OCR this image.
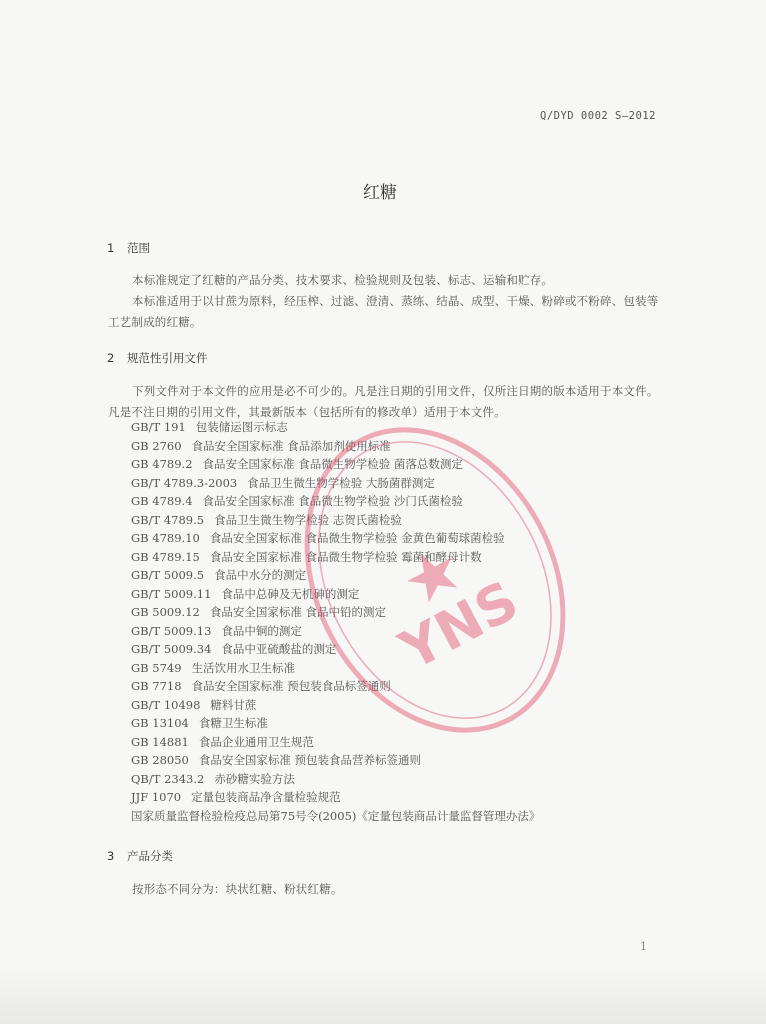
Q/DYD 0002 S—2012
红糖
1 范围
本标准规定了红糖的产品分类、技术要求、检验规则及包装、标志、运输和贮存。
本标准适用于以甘蔗为原料，经压榨、过滤、澄清、蒸练、结晶、成型、干燥、粉碎或不粉碎、包装等工艺制成的红糖。
2 规范性引用文件
下列文件对于本文件的应用是必不可少的。凡是注日期的引用文件，仅所注日期的版本适用于本文件。凡是不注日期的引用文件，其最新版本（包括所有的修改单）适用于本文件。
GB/T 191 包装储运图示标志
GB 2760 食品安全国家标准 食品添加剂使用标准
GB 4789.2 食品安全国家标准 食品微生物学检验 菌落总数测定
GB/T 4789.3-2003 食品卫生微生物学检验 大肠菌群测定
GB 4789.4 食品安全国家标准 食品微生物学检验 沙门氏菌检验
GB/T 4789.5 食品卫生微生物学检验 志贺氏菌检验
GB 4789.10 食品安全国家标准 食品微生物学检验 金黄色葡萄球菌检验
GB 4789.15 食品安全国家标准 食品微生物学检验 霉菌和酵母计数
GB/T 5009.5 食品中水分的测定
GB/T 5009.11 食品中总砷及无机砷的测定
GB 5009.12 食品安全国家标准 食品中铅的测定
GB/T 5009.13 食品中铜的测定
GB/T 5009.34 食品中亚硫酸盐的测定
GB 5749 生活饮用水卫生标准
GB 7718 食品安全国家标准 预包装食品标签通则
GB/T 10498 糖料甘蔗
GB 13104 食糖卫生标准
GB 14881 食品企业通用卫生规范
GB 28050 食品安全国家标准 预包装食品营养标签通则
QB/T 2343.2 赤砂糖实验方法
JJF 1070 定量包装商品净含量检验规范
国家质量监督检验检疫总局第75号令(2005)《定量包装商品计量监督管理办法》
3 产品分类
按形态不同分为：块状红糖、粉状红糖。
1
YNS
